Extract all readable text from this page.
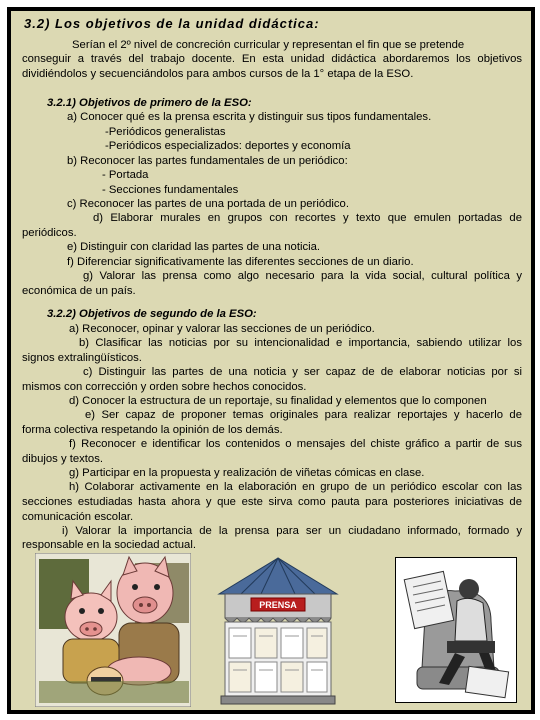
3.2) Los objetivos de la unidad didáctica:

Serían el 2º nivel de concreción curricular y representan el fin que se pretende

conseguir a través del trabajo docente. En esta unidad didáctica abordaremos los objetivos dividiéndolos y secuenciándolos para ambos cursos de la 1° etapa de la ESO.

3.2.1) Objetivos de primero de la ESO:

a) Conocer qué es la prensa escrita y distinguir sus tipos fundamentales.

-Periódicos generalistas

-Periódicos especializados: deportes y economía

b) Reconocer las partes fundamentales de un periódico:

- Portada

- Secciones fundamentales

c) Reconocer las partes de una portada de un periódico.

d) Elaborar murales en grupos con recortes y texto que emulen portadas de

periódicos.

e) Distinguir con claridad las partes de una noticia.

f) Diferenciar significativamente las diferentes secciones de un diario.

g) Valorar las prensa como algo necesario para la vida social, cultural política y

económica de un país.

3.2.2) Objetivos de segundo de la ESO:

a) Reconocer, opinar y valorar las secciones de un periódico.

b) Clasificar las noticias por su intencionalidad e importancia, sabiendo utilizar los

signos extralingüísticos.

c) Distinguir las partes de una noticia y ser capaz de de elaborar noticias por si

mismos con corrección y orden sobre hechos conocidos.

d) Conocer la estructura de un reportaje, su finalidad y elementos que lo componen

e) Ser capaz de proponer temas originales para realizar reportajes y hacerlo de

forma colectiva respetando la opinión de los demás.

f) Reconocer e identificar los contenidos o mensajes del chiste gráfico a partir de sus

dibujos y textos.

g) Participar en la propuesta y realización de viñetas cómicas en clase.

h) Colaborar activamente en la elaboración en grupo de un periódico escolar con las

secciones estudiadas hasta ahora y que este sirva como pauta para posteriores iniciativas de comunicación escolar.

i) Valorar la importancia de la prensa para ser un ciudadano informado, formado y

responsable en la sociedad actual.

PRENSA
